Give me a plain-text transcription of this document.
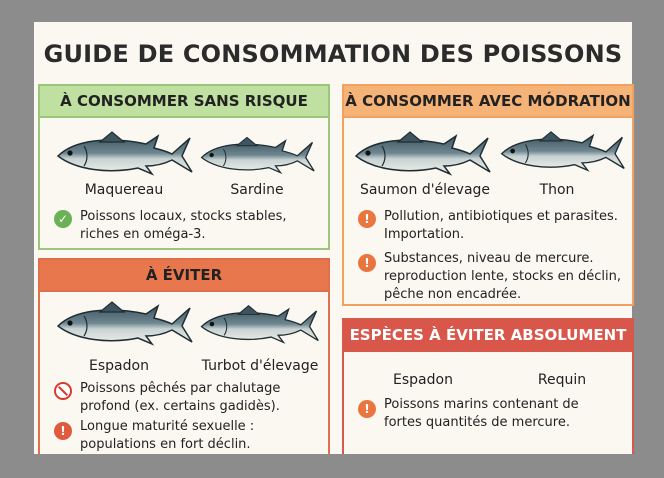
GUIDE DE CONSOMMATION DES POISSONS
À CONSOMMER SANS RISQUE
Maquereau	Sardine
✓ Poissons locaux, stocks stables,
riches en oméga-3.
À CONSOMMER AVEC MÓDRATION
Saumon d'élevage	Thon
!	Pollution, antibiotiques et parasites.
Importation.
!	Substances, niveau de mercure.
reproduction lente, stocks en déclin,
pêche non encadrée.
À ÉVITER
Espadon	Turbot d'élevage
Poissons pêchés par chalutage
profond (ex. certains gadidès).
!	Longue maturité sexuelle :
populations en fort déclin.
ESPÈCES À ÉVITER ABSOLUMENT
Espadon	Requin
!	Poissons marins contenant de
fortes quantités de mercure.
